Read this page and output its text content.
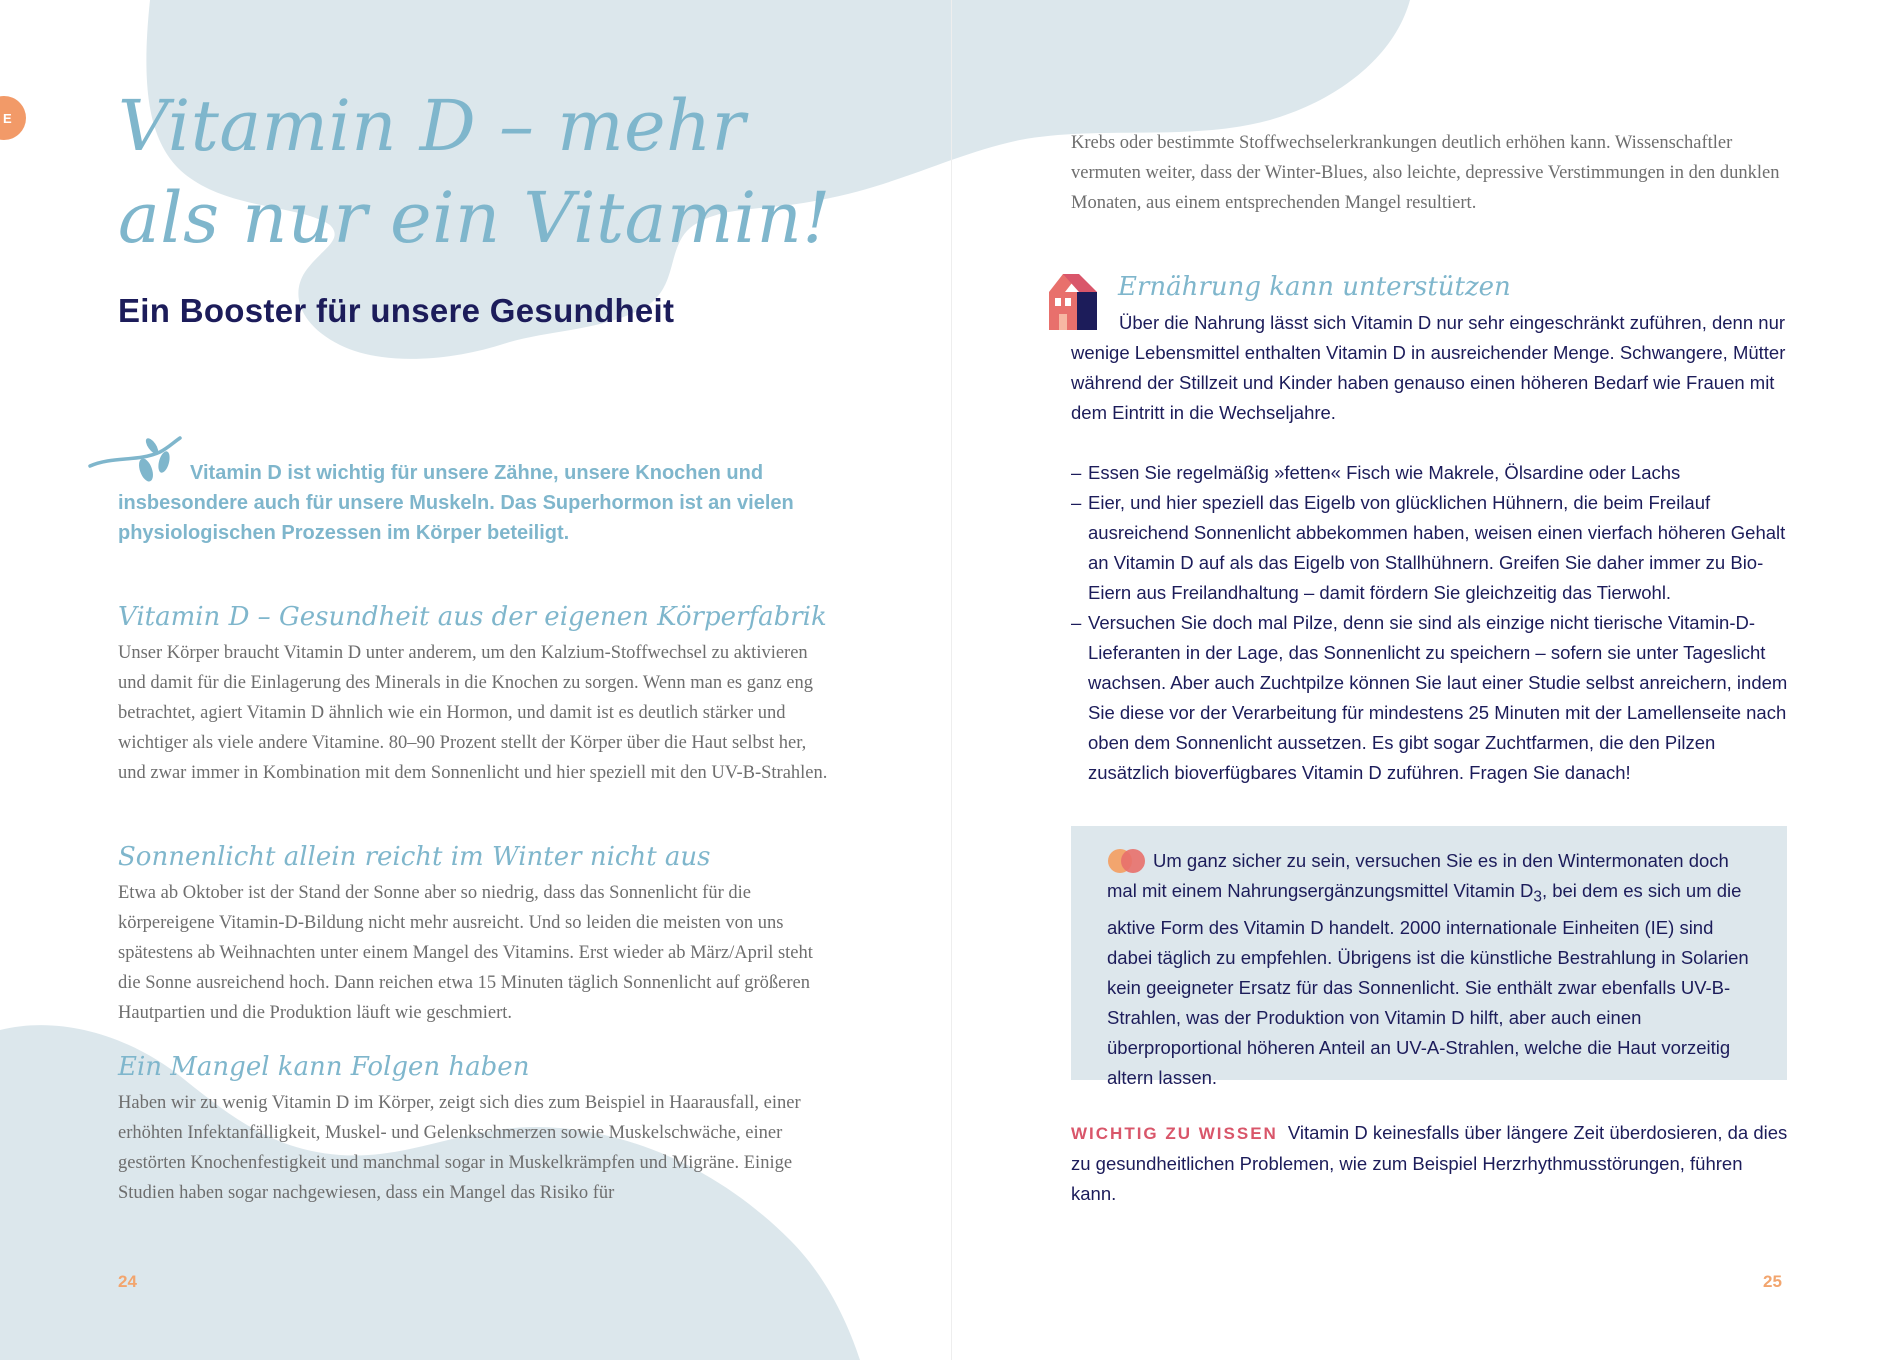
E Vitamin D – mehr
als nur ein Vitamin!
Ein Booster für unsere Gesundheit

Vitamin D ist wichtig für unsere Zähne, unsere Knochen und insbesondere auch für unsere Muskeln. Das Superhormon ist an vielen physiologischen Prozessen im Körper beteiligt.

Vitamin D – Gesundheit aus der eigenen Körperfabrik

Unser Körper braucht Vitamin D unter anderem, um den Kalzium-Stoffwechsel zu aktivieren und damit für die Einlagerung des Minerals in die Knochen zu sorgen. Wenn man es ganz eng betrachtet, agiert Vitamin D ähnlich wie ein Hormon, und damit ist es deutlich stärker und wichtiger als viele andere Vitamine. 80–90 Prozent stellt der Körper über die Haut selbst her, und zwar immer in Kombination mit dem Sonnenlicht und hier speziell mit den UV-B-Strahlen.

Sonnenlicht allein reicht im Winter nicht aus

Etwa ab Oktober ist der Stand der Sonne aber so niedrig, dass das Sonnenlicht für die körpereigene Vitamin-D-Bildung nicht mehr ausreicht. Und so leiden die meisten von uns spätestens ab Weihnachten unter einem Mangel des Vitamins. Erst wieder ab März/April steht die Sonne ausreichend hoch. Dann reichen etwa 15 Minuten täglich Sonnenlicht auf größeren Hautpartien und die Produktion läuft wie geschmiert.

Ein Mangel kann Folgen haben

Haben wir zu wenig Vitamin D im Körper, zeigt sich dies zum Beispiel in Haarausfall, einer erhöhten Infektanfälligkeit, Muskel- und Gelenkschmerzen sowie Muskelschwäche, einer gestörten Knochenfestigkeit und manchmal sogar in Muskelkrämpfen und Migräne. Einige Studien haben sogar nachgewiesen, dass ein Mangel das Risiko für

24

Krebs oder bestimmte Stoffwechselerkrankungen deutlich erhöhen kann. Wissenschaftler vermuten weiter, dass der Winter-Blues, also leichte, depressive Verstimmungen in den dunklen Monaten, aus einem entsprechenden Mangel resultiert.

Ernährung kann unterstützen

Über die Nahrung lässt sich Vitamin D nur sehr eingeschränkt zuführen, denn nur wenige Lebensmittel enthalten Vitamin D in ausreichender Menge. Schwangere, Mütter während der Stillzeit und Kinder haben genauso einen höheren Bedarf wie Frauen mit dem Eintritt in die Wechseljahre.

– Essen Sie regelmäßig »fetten« Fisch wie Makrele, Ölsardine oder Lachs
– Eier, und hier speziell das Eigelb von glücklichen Hühnern, die beim Freilauf ausreichend Sonnenlicht abbekommen haben, weisen einen vierfach höheren Gehalt an Vitamin D auf als das Eigelb von Stallhühnern. Greifen Sie daher immer zu Bio-Eiern aus Freilandhaltung – damit fördern Sie gleichzeitig das Tierwohl.
– Versuchen Sie doch mal Pilze, denn sie sind als einzige nicht tierische Vitamin-D-Lieferanten in der Lage, das Sonnenlicht zu speichern – sofern sie unter Tageslicht wachsen. Aber auch Zuchtpilze können Sie laut einer Studie selbst anreichern, indem Sie diese vor der Verarbeitung für mindestens 25 Minuten mit der Lamellenseite nach oben dem Sonnenlicht aussetzen. Es gibt sogar Zuchtfarmen, die den Pilzen zusätzlich bioverfügbares Vitamin D zuführen. Fragen Sie danach!

Um ganz sicher zu sein, versuchen Sie es in den Wintermonaten doch mal mit einem Nahrungsergänzungsmittel Vitamin $D_3$, bei dem es sich um die aktive Form des Vitamin D handelt. 2000 internationale Einheiten (IE) sind dabei täglich zu empfehlen. Übrigens ist die künstliche Bestrahlung in Solarien kein geeigneter Ersatz für das Sonnenlicht. Sie enthält zwar ebenfalls UV-B-Strahlen, was der Produktion von Vitamin D hilft, aber auch einen überproportional höheren Anteil an UV-A-Strahlen, welche die Haut vorzeitig altern lassen.

WICHTIG ZU WISSEN Vitamin D keinesfalls über längere Zeit überdosieren, da dies zu gesundheitlichen Problemen, wie zum Beispiel Herzrhythmusstörungen, führen kann.

25
